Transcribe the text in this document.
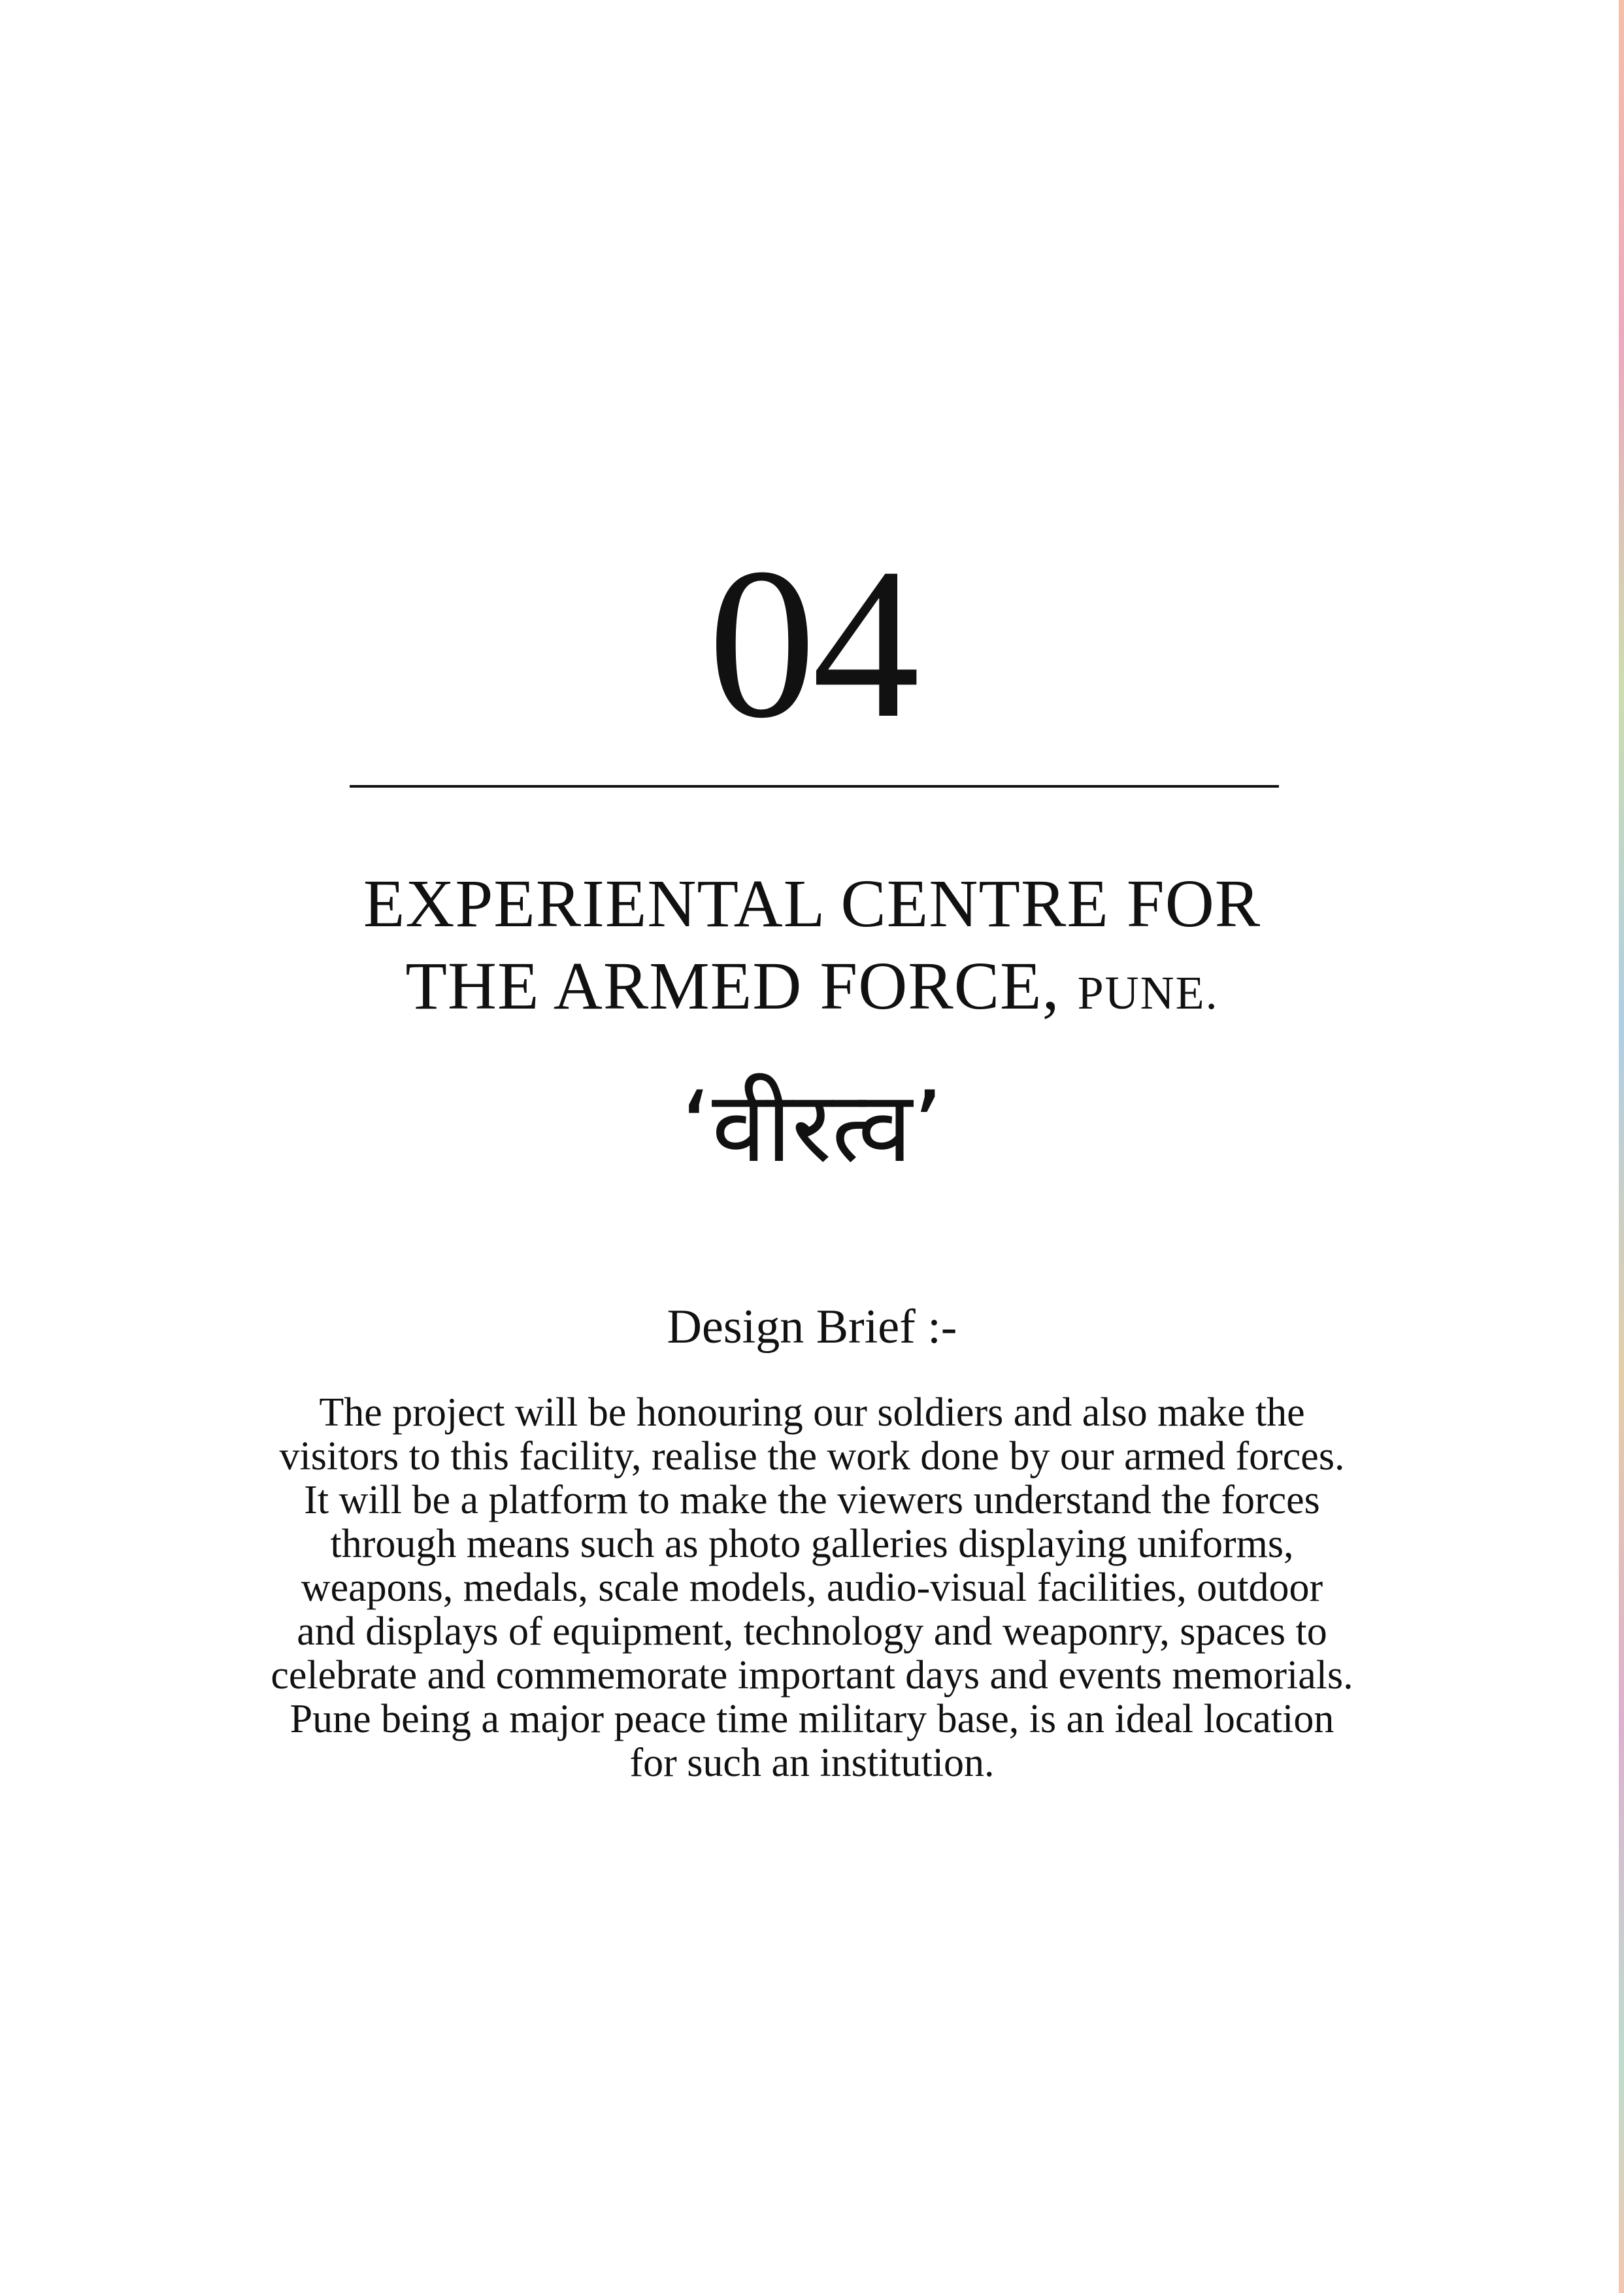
04
EXPERIENTAL CENTRE FOR
THE ARMED FORCE, PUNE.
‘वीरत्व’
Design Brief :-
The project will be honouring our soldiers and also make the
visitors to this facility, realise the work done by our armed forces.
It will be a platform to make the viewers understand the forces
through means such as photo galleries displaying uniforms,
weapons, medals, scale models, audio-visual facilities, outdoor
and displays of equipment, technology and weaponry, spaces to
celebrate and commemorate important days and events memorials.
Pune being a major peace time military base, is an ideal location
for such an institution.
